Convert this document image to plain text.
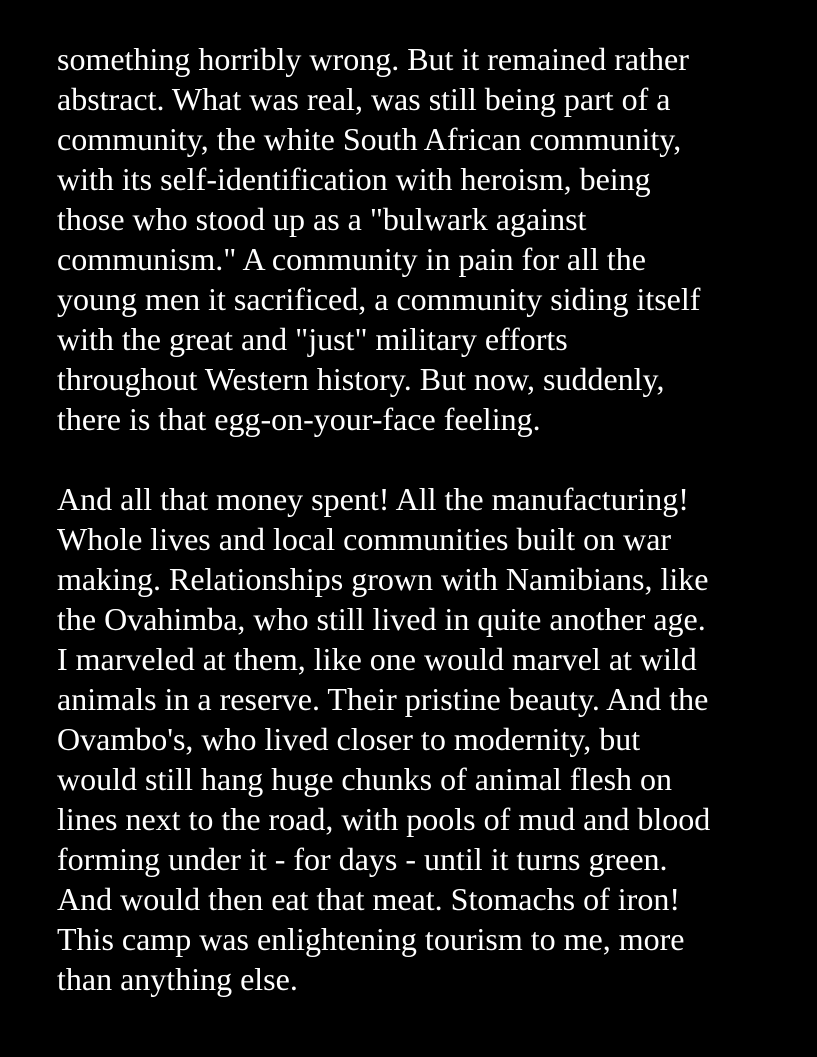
something horribly wrong. But it remained rather
abstract. What was real, was still being part of a
community, the white South African community,
with its self-identification with heroism, being
those who stood up as a "bulwark against
communism." A community in pain for all the
young men it sacrificed, a community siding itself
with the great and "just" military efforts
throughout Western history. But now, suddenly,
there is that egg-on-your-face feeling.
And all that money spent! All the manufacturing!
Whole lives and local communities built on war
making. Relationships grown with Namibians, like
the Ovahimba, who still lived in quite another age.
I marveled at them, like one would marvel at wild
animals in a reserve. Their pristine beauty. And the
Ovambo's, who lived closer to modernity, but
would still hang huge chunks of animal flesh on
lines next to the road, with pools of mud and blood
forming under it - for days - until it turns green.
And would then eat that meat. Stomachs of iron!
This camp was enlightening tourism to me, more
than anything else.
